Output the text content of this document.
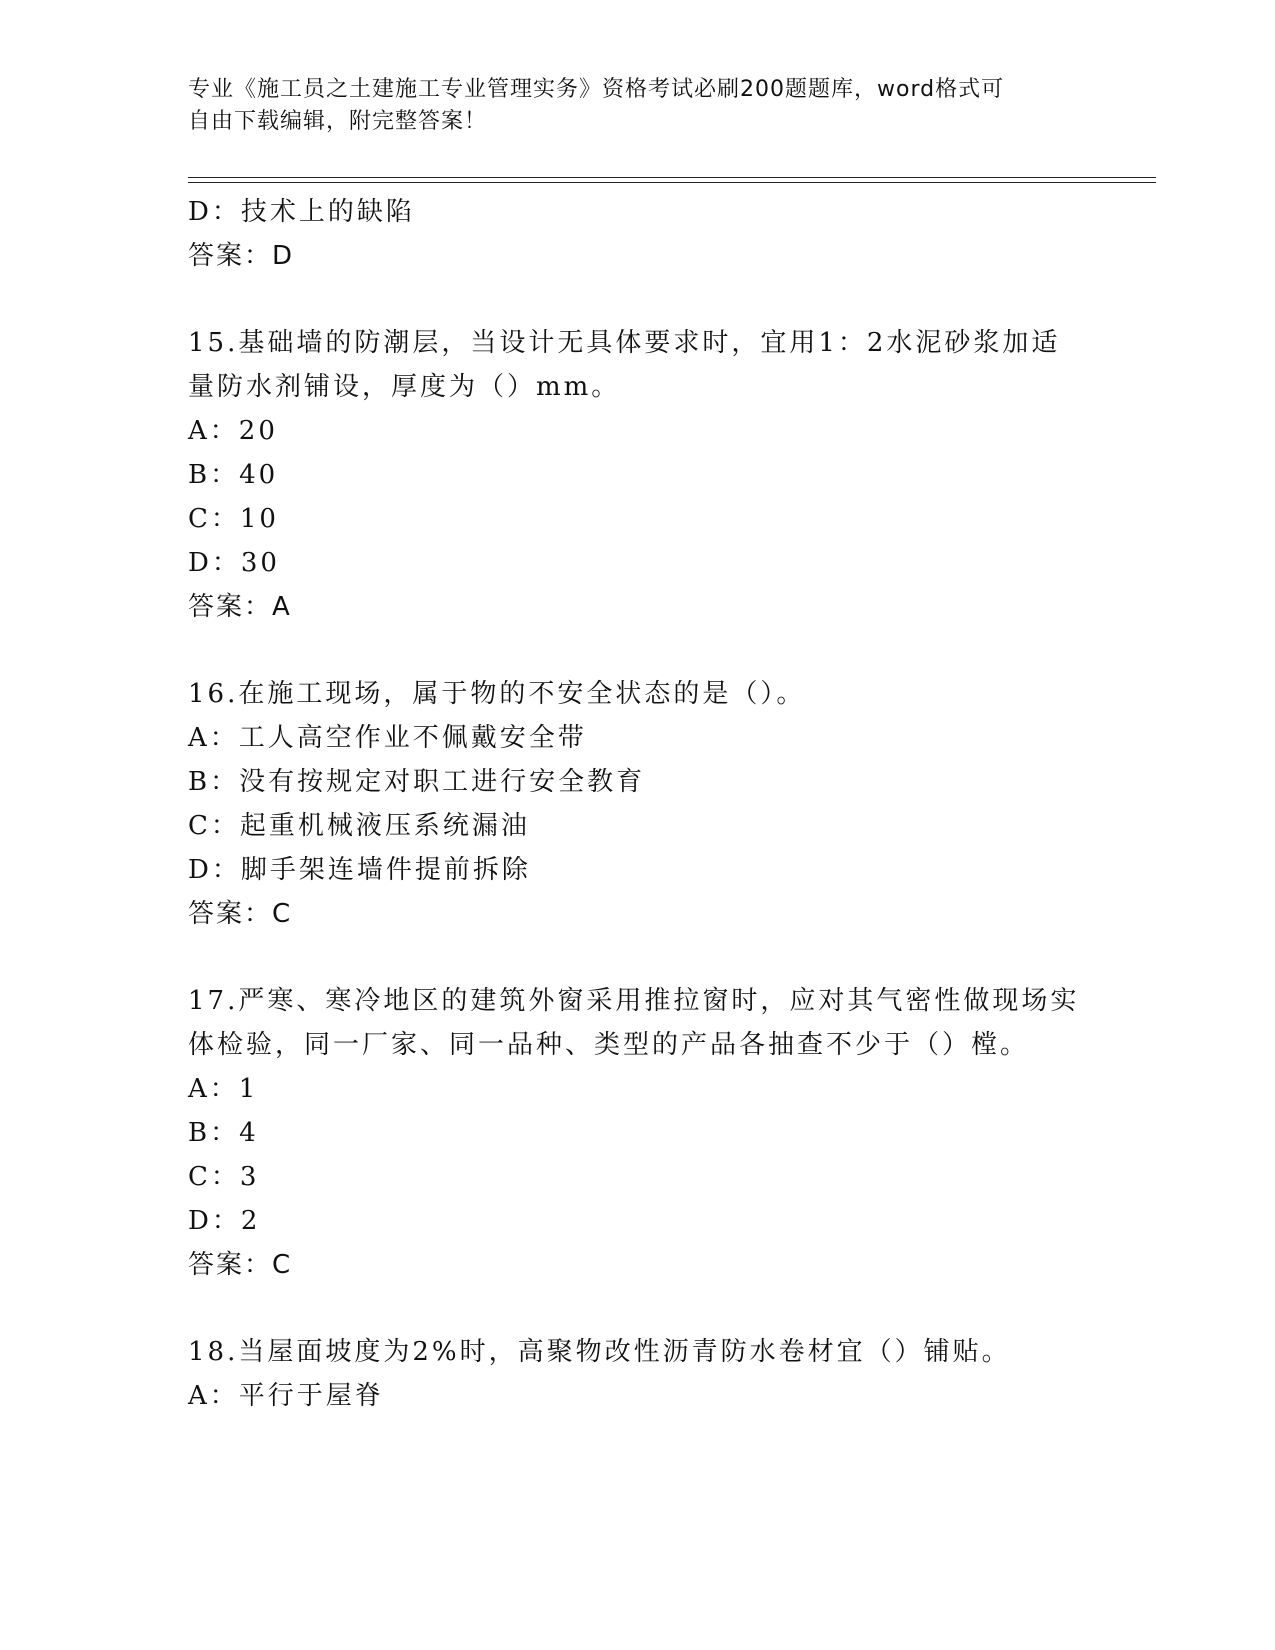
专业《施工员之土建施工专业管理实务》资格考试必刷200题题库，word格式可
自由下载编辑，附完整答案！
D：技术上的缺陷
答案：D
15.基础墙的防潮层，当设计无具体要求时，宜用1：2水泥砂浆加适
量防水剂铺设，厚度为（）mm。
A：20
B：40
C：10
D：30
答案：A
16.在施工现场，属于物的不安全状态的是（）。
A：工人高空作业不佩戴安全带
B：没有按规定对职工进行安全教育
C：起重机械液压系统漏油
D：脚手架连墙件提前拆除
答案：C
17.严寒、寒冷地区的建筑外窗采用推拉窗时，应对其气密性做现场实
体检验，同一厂家、同一品种、类型的产品各抽查不少于（）樘。
A：1
B：4
C：3
D：2
答案：C
18.当屋面坡度为2%时，高聚物改性沥青防水卷材宜（）铺贴。
A：平行于屋脊
